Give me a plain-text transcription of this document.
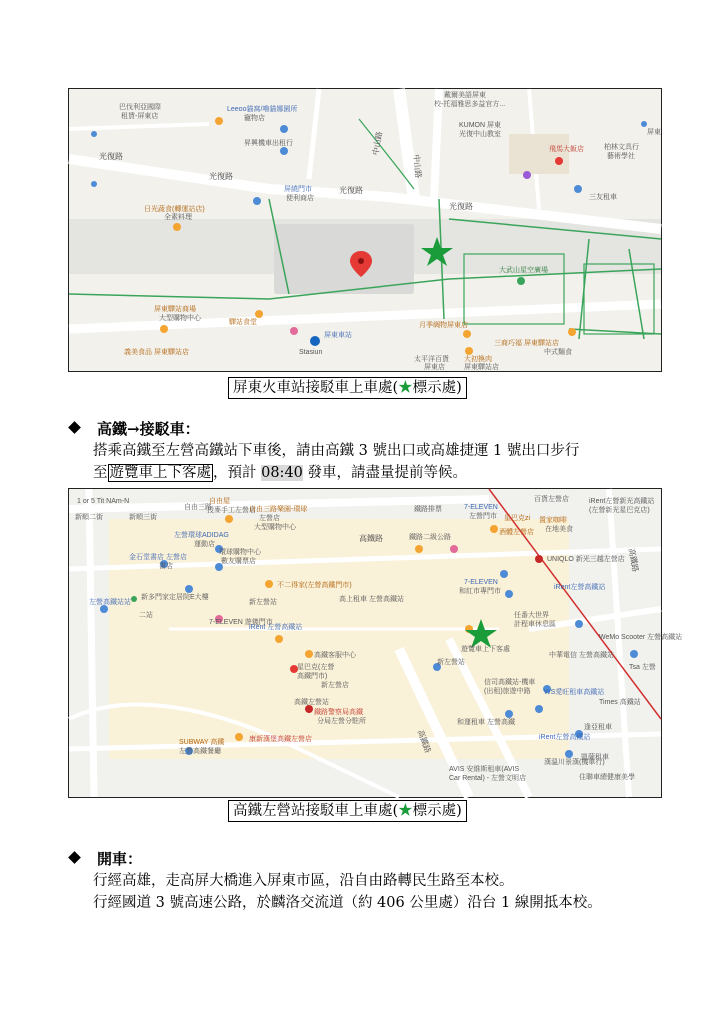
巴伐利亞國際
租賃-屏東店
Leeoo貓窩/嚕貓娜園所
寵物店
昇興機車出租行
光復路
光復路
中山路
中山路
光復路
光復路
屏繞門市
便利商店
日光蔬食(轉運站店)
全素料理
戴爾美語屏東
校-托福雅思多益官方...
KUMON 屏東
光復中山教室
飛馬大飯店	柏林文具行
藝術學社
三友租車
屏東
大武山星空廣場
屏東驛站商場
大型購物中心
驛站食堂
屏東車站
Stasiun
月季綢物屏東店
三商巧福 屏東驛站店
中式麵食
義美食品 屏東驛站店
太平洋百貨
屏東店
大初換肉
屏東驛站店
屏東火車站接駁車上車處(★標示處)
高鐵→接駁車：
搭乘高鐵至左營高鐵站下車後，請由高鐵 3 號出口或高雄捷運 1 號出口步行
至 遊覽車上下客處 ，預計 08:40 發車，請盡量提前等候。
1 or 5 Tit NAm-N
新順二街	新順三街
自由三路
自由屋
授麥手工左營店
自由三路樂園-環球
左營店
大型購物中心
左營環球ADIDAG
運動店
金石堂書店 左營店
書店
環球購物中心
數友購票店
新多門家定居院E大樓
不二得家(左營高鐵門市)
新左營站
二站
鐵路二級公路
鐵路排票	7-ELEVEN
左營門市
酒體左營店
星巴克zi
UNIQLO 新光三越左營店
置家咖啡
在地美食
百貨左營店	iRent左營新光高鐵站
(左營新光星巴克店)
高鐵路
高鐵路
左營高鐵站站
7-ELEVEN 遊幾門市
iRent 左營高鐵站
高上租車 左營高鐵站
7-ELEVEN
和紅市專門市
任番大世界
計程車休息區
iRent左營高鐵站
星巴克(左營
高鐵門市)
遊覽車上下客處
新左營站
中華電信 左營高鐵站
信司高鐵站-機車
(出租)旅遊中路 WS愛旺租車高鐵站
Times 高鐵站
和運租車 左營高鐵
高鐵路
AVIS 安維斯租車(AVIS
Car Rental) - 左營文明店
iRent左營高鐵站
Tsa 左營
逢亞租車
凱薩租車
漢溫川景漢(機車行)
住聯車總健康美學
高鐵客服中心
新左營店
鐵路警察局高鐵
分局左營分駐所
高鐵左營站
康新漢堡高鐵左營店
SUBWAY 高鐵
左營高鐵餐廳
WeMo Scooter 左營高鐵站
高鐵左營站接駁車上車處(★標示處)
開車：
行經高雄，走高屏大橋進入屏東市區，沿自由路轉民生路至本校。
行經國道 3 號高速公路，於麟洛交流道（約 406 公里處）沿台 1 線開抵本校。
